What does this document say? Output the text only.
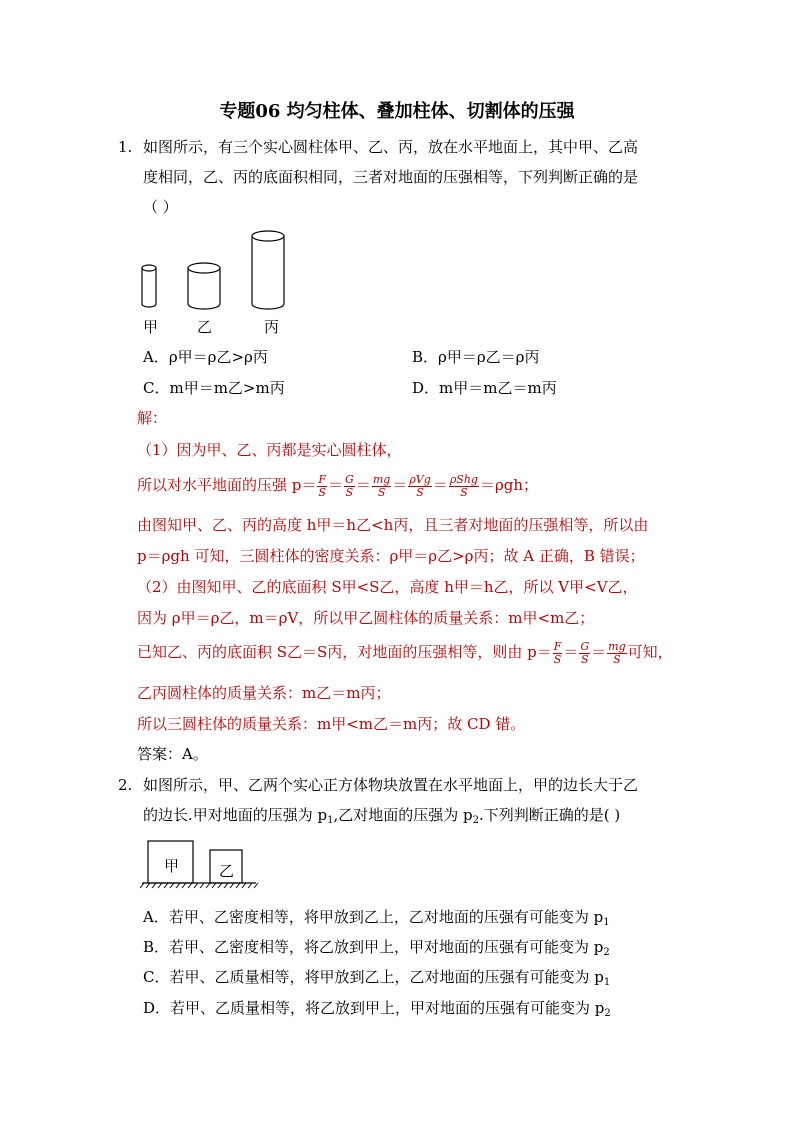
专题06 均匀柱体、叠加柱体、切割体的压强
1. 如图所示，有三个实心圆柱体甲、乙、丙，放在水平地面上，其中甲、乙高
度相同，乙、丙的底面积相同，三者对地面的压强相等，下列判断正确的是
（ ）
甲	乙	丙
A．ρ甲＝ρ乙>ρ丙	B．ρ甲＝ρ乙＝ρ丙
C．m甲＝m乙>m丙	D．m甲＝m乙＝m丙
解：
（1）因为甲、乙、丙都是实心圆柱体，
所以对水平地面的压强 $p= \frac{F}{S} = \frac{G}{S} = \frac{mg}{S} = \frac{\text{ρVg}}{S} = \frac{\text{ρShg}}{S} =\rho gh$；
由图知甲、乙、丙的高度 h甲＝h乙<h丙，且三者对地面的压强相等，所以由
p＝ρgh 可知，三圆柱体的密度关系：ρ甲＝ρ乙>ρ丙；故 A 正确，B 错误；
（2）由图知甲、乙的底面积 S甲<S乙，高度 h甲＝h乙，所以 V甲<V乙，
因为 ρ甲＝ρ乙，m＝ρV，所以甲乙圆柱体的质量关系：m甲<m乙；
已知乙、丙的底面积 S乙＝S丙，对地面的压强相等，则由 $p= \frac{F}{S} = \frac{G}{S} = \frac{mg}{S}$ 可知，
乙丙圆柱体的质量关系：m乙＝m丙；
所以三圆柱体的质量关系：m甲<m乙＝m丙；故 CD 错。
答案：A。
2. 如图所示，甲、乙两个实心正方体物块放置在水平地面上，甲的边长大于乙
的边长.甲对地面的压强为 $p_1$,乙对地面的压强为 $p_2$.下列判断正确的是( )
甲	乙
A．若甲、乙密度相等，将甲放到乙上，乙对地面的压强有可能变为 $p_1$
B．若甲、乙密度相等，将乙放到甲上，甲对地面的压强有可能变为 $p_2$
C．若甲、乙质量相等，将甲放到乙上，乙对地面的压强有可能变为 $p_1$
D．若甲、乙质量相等，将乙放到甲上，甲对地面的压强有可能变为 $p_2$
